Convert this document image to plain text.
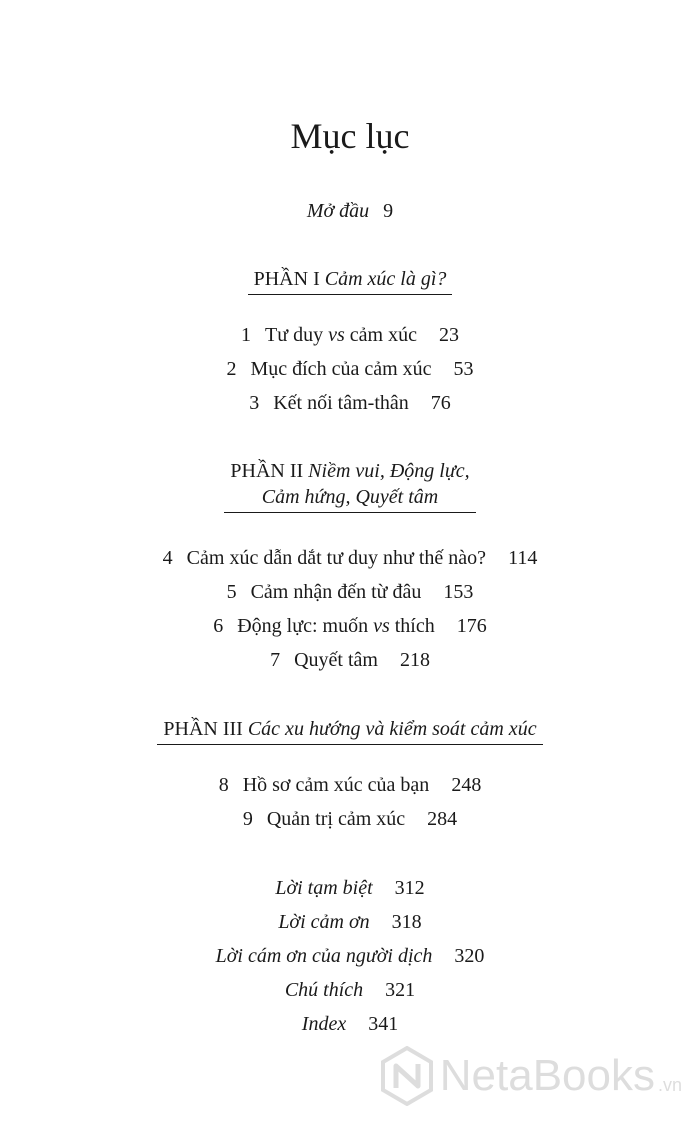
Mục lục
Mở đầu 9
PHẦN I Cảm xúc là gì?
1 Tư duy vs cảm xúc 23
2 Mục đích của cảm xúc 53
3 Kết nối tâm-thân 76
PHẦN II Niềm vui, Động lực,
Cảm hứng, Quyết tâm
4 Cảm xúc dẫn dắt tư duy như thế nào? 114
5 Cảm nhận đến từ đâu 153
6 Động lực: muốn vs thích 176
7 Quyết tâm 218
PHẦN III Các xu hướng và kiểm soát cảm xúc
8 Hồ sơ cảm xúc của bạn 248
9 Quản trị cảm xúc 284
Lời tạm biệt 312
Lời cảm ơn 318
Lời cám ơn của người dịch 320
Chú thích 321
Index 341
NetaBooks .vn
